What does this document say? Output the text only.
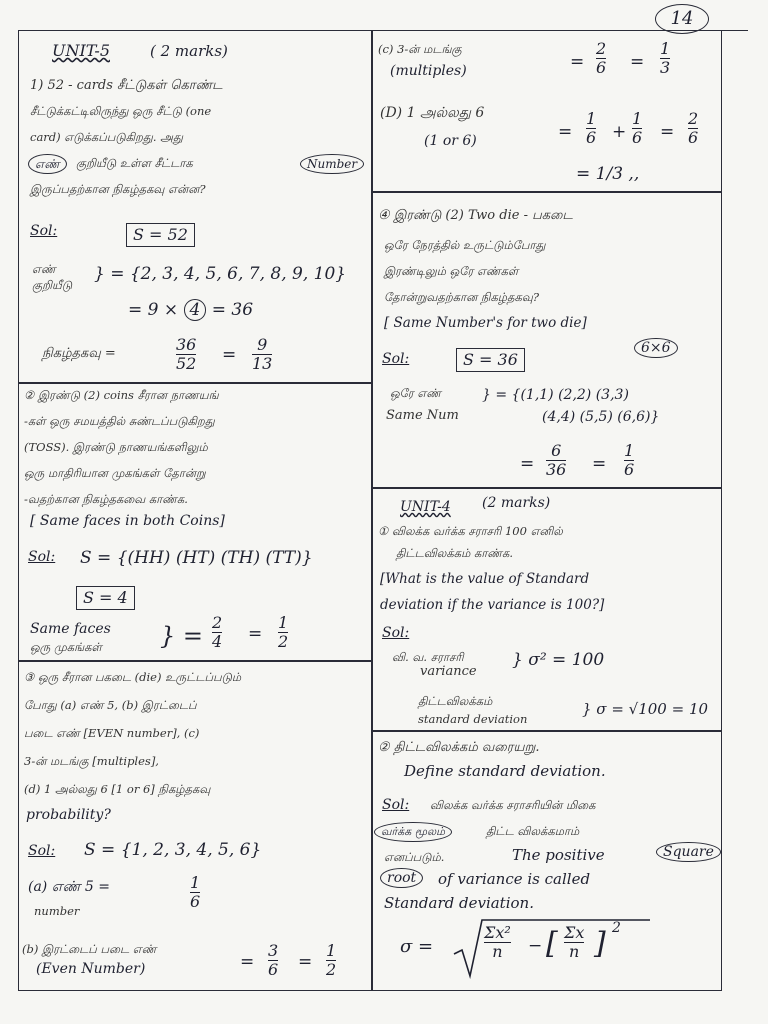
14
UNIT-5	( 2 marks)
1) 52 - cards சீட்டுகள் கொண்ட
சீட்டுக்கட்டிலிருந்து ஒரு சீட்டு (one
card) எடுக்கப்படுகிறது. அது
எண்	குறியீடு உள்ள சீட்டாக	Number
இருப்பதற்கான நிகழ்தகவு என்ன?
Sol:	S = 52
எண்
குறியீடு
} = {2, 3, 4, 5, 6, 7, 8, 9, 10}
= 9 × 4 = 36
நிகழ்தகவு =	36
52 =
9
13
② இரண்டு (2) coins சீரான நாணயங்
-கள் ஒரு சமயத்தில் சுண்டப்படுகிறது
(TOSS). இரண்டு நாணயங்களிலும்
ஒரு மாதிரியான முகங்கள் தோன்று
-வதற்கான நிகழ்தகவை காண்க.
[ Same faces in both Coins]
Sol: S = {(HH) (HT) (TH) (TT)}
S = 4
Same faces
ஒரு முகங்கள் } = 2
4 =
1
2
③ ஒரு சீரான பகடை (die) உருட்டப்படும்
போது (a) எண் 5, (b) இரட்டைப்
படை எண் [EVEN number], (c)
3-ன் மடங்கு [multiples],
(d) 1 அல்லது 6 [1 or 6] நிகழ்தகவு
probability?
Sol: S = {1, 2, 3, 4, 5, 6}
(a) எண் 5 =
number
1
6
(b) இரட்டைப் படை எண்
(Even Number)	=
3
6 =
1
2
(c) 3-ன் மடங்கு
(multiples)	=
2
6 =
1
3
(D) 1 அல்லது 6
(1 or 6)	=
1
6 +
1
6 =
2
6
= 1/3 ,,
④ இரண்டு (2) Two die - பகடை
ஒரே நேரத்தில் உருட்டும்போது
இரண்டிலும் ஒரே எண்கள்
தோன்றுவதற்கான நிகழ்தகவு?
[ Same Number's for two die]
Sol:	S = 36
6×6
ஒரே எண்
Same Num
} = {(1,1) (2,2) (3,3)
(4,4) (5,5) (6,6)}
=
6
36 =
1
6
UNIT-4 (2 marks)
① விலக்க வர்க்க சராசரி 100 எனில்
திட்டவிலக்கம் காண்க.
[What is the value of Standard
deviation if the variance is 100?]
Sol:
வி. வ. சராசரி
variance
} σ² = 100
திட்டவிலக்கம்
standard deviation
} σ = √100 = 10
② திட்டவிலக்கம் வரையறு.
Define standard deviation.
Sol: விலக்க வர்க்க சராசரியின் மிகை
வர்க்க மூலம்	திட்ட விலக்கமாம்
எனப்படும்.	The positive	Square
root	of variance is called
Standard deviation.
σ =
Σx²
n − [ Σx
n ] 2
